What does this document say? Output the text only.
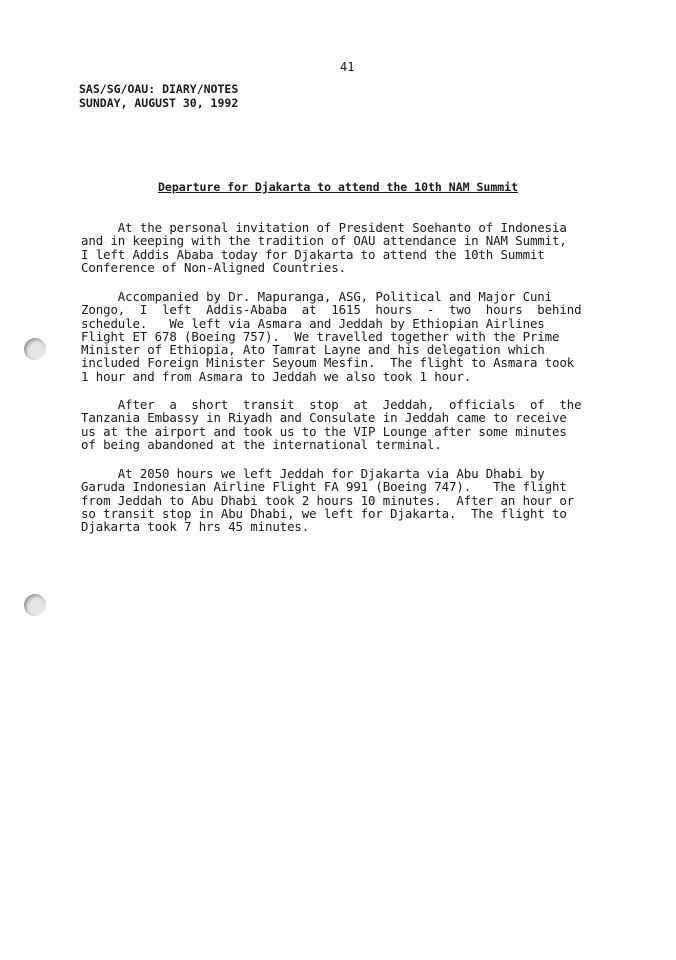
41
SAS/SG/OAU: DIARY/NOTES
SUNDAY, AUGUST 30, 1992
Departure for Djakarta to attend the 10th NAM Summit
At the personal invitation of President Soehanto of Indonesia
and in keeping with the tradition of OAU attendance in NAM Summit,
I left Addis Ababa today for Djakarta to attend the 10th Summit
Conference of Non-Aligned Countries.
Accompanied by Dr. Mapuranga, ASG, Political and Major Cuni
Zongo,  I  left  Addis-Ababa  at  1615  hours  -  two  hours  behind
schedule.   We left via Asmara and Jeddah by Ethiopian Airlines
Flight ET 678 (Boeing 757).  We travelled together with the Prime
Minister of Ethiopia, Ato Tamrat Layne and his delegation which
included Foreign Minister Seyoum Mesfin.  The flight to Asmara took
1 hour and from Asmara to Jeddah we also took 1 hour.
After  a  short  transit  stop  at  Jeddah,  officials  of  the
Tanzania Embassy in Riyadh and Consulate in Jeddah came to receive
us at the airport and took us to the VIP Lounge after some minutes
of being abandoned at the international terminal.
At 2050 hours we left Jeddah for Djakarta via Abu Dhabi by
Garuda Indonesian Airline Flight FA 991 (Boeing 747).   The flight
from Jeddah to Abu Dhabi took 2 hours 10 minutes.  After an hour or
so transit stop in Abu Dhabi, we left for Djakarta.  The flight to
Djakarta took 7 hrs 45 minutes.
